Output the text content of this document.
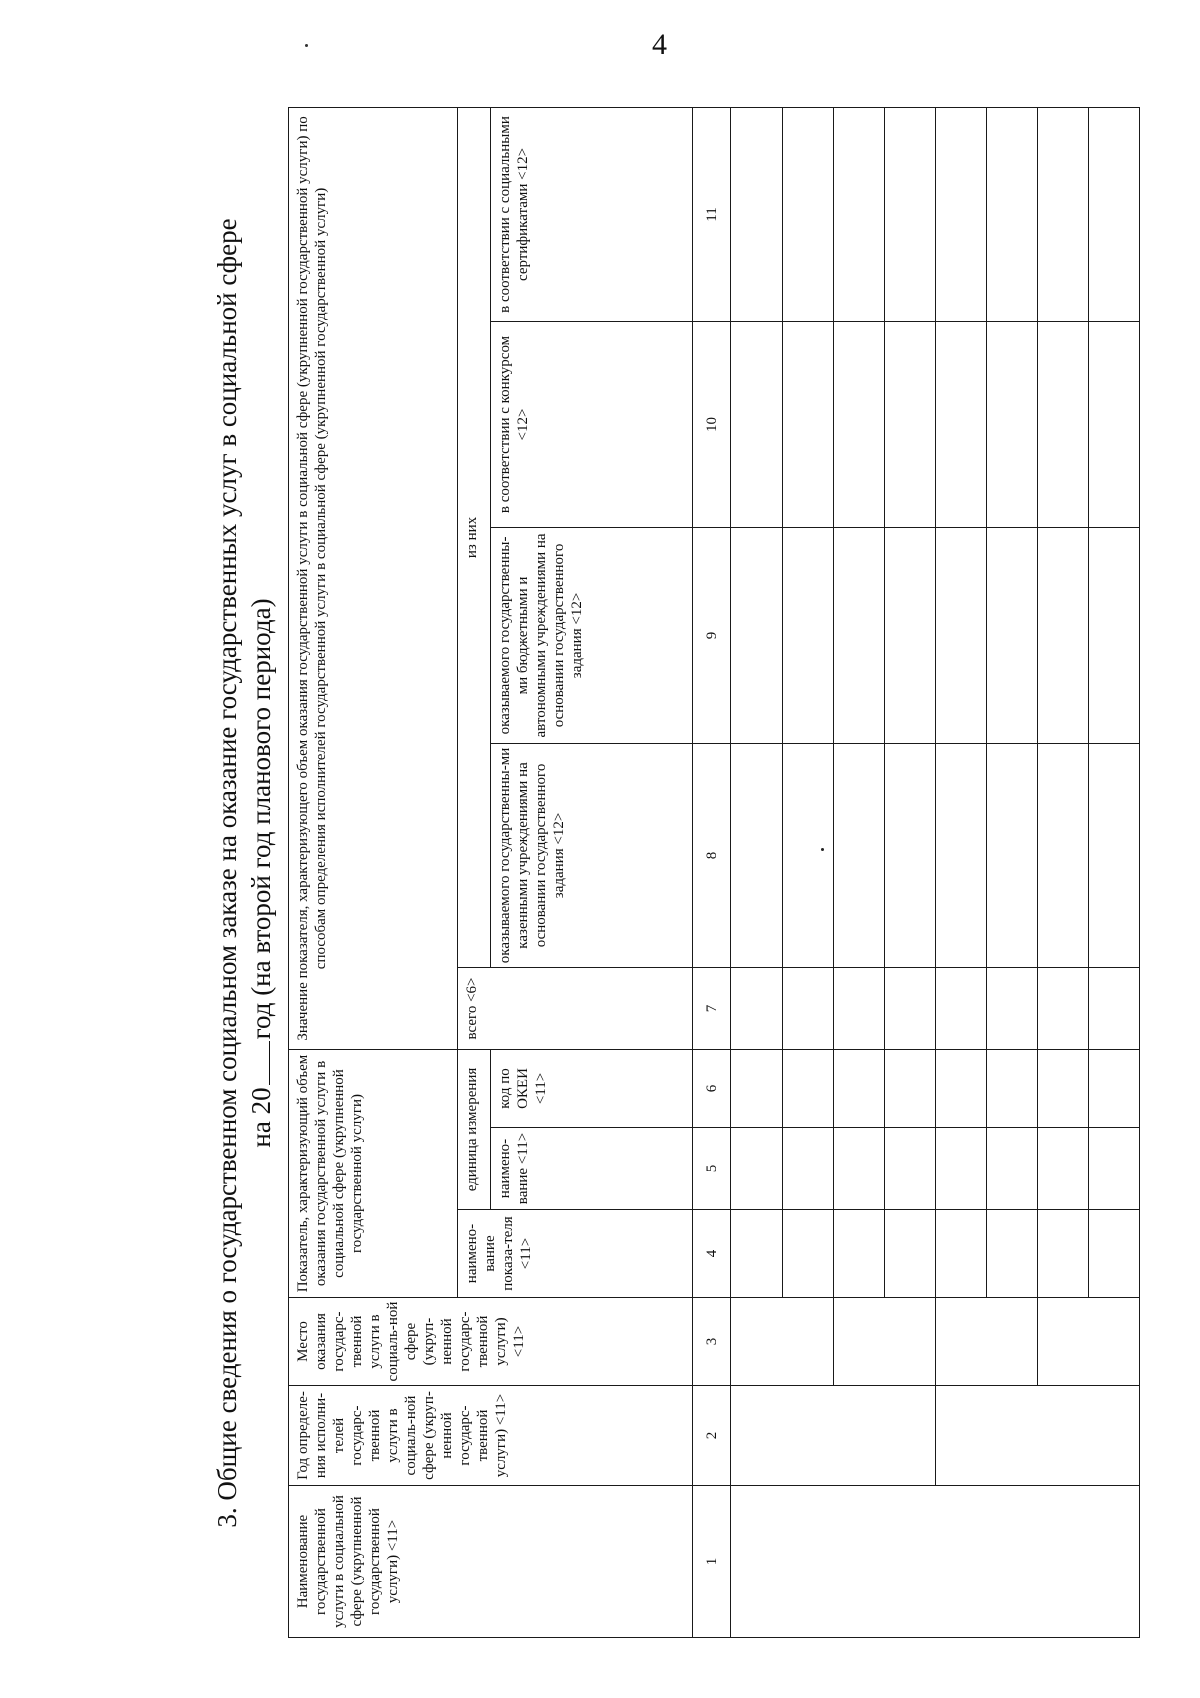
4
3. Общие сведения о государственном социальном заказе на оказание государственных услуг в социальной сфере на 20год (на второй год планового периода)
Наименование государственной услуги в социальной сфере (укрупненной государственной услуги) <11>	Год определе-ния исполни-телей государс-твенной услуги в социаль-ной сфере (укруп-ненной государс-твенной услуги) <11>	Место оказания государс-твенной услуги в социаль-ной сфере (укруп-ненной государс-твенной услуги) <11>	Показатель, характеризующий объем оказания государственной услуги в социальной сфере (укрупненной государственной услуги)			Значение показателя, характеризующего объем оказания государственной услуги в социальной сфере (укрупненной государственной услуги) по способам определения исполнителей государственной услуги в социальной сфере (укрупненной государственной услуги)				
			наимено-вание показа-теля <11>	единица измерения		всего <6>	из них			
				наимено-вание <11>	код по ОКЕИ <11>		оказываемого государственны-ми казенными учреждениями на основании государственного задания <12>	оказываемого государственны-ми бюджетными и автономными учреждениями на основании государственного задания <12>	в соответствии с конкурсом <12>	в соответствии с социальными сертификатами <12>
1	2	3	4	5	6	7	8	9	10	11
